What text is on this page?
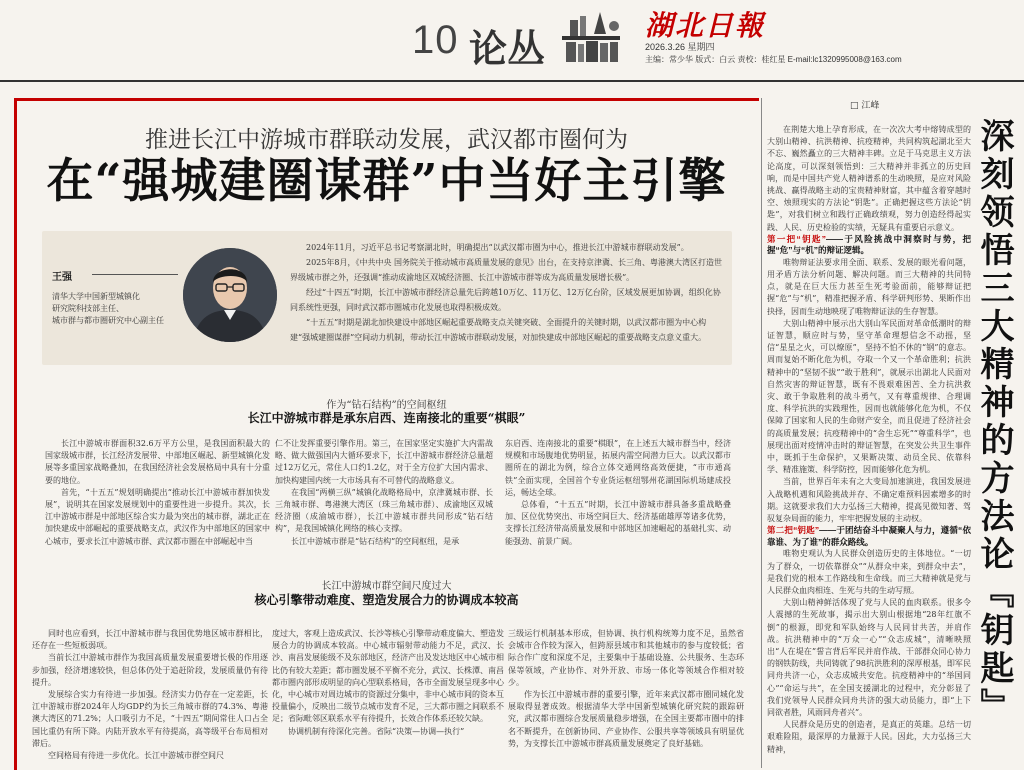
10 论丛
湖北日報
2026.3.26 星期四
主编：常少华 版式：白云 责校：桂红星 E-mail:lc1320995008@163.com
推进长江中游城市群联动发展，武汉都市圈何为
在“强城建圈谋群”中当好主引擎
王强
清华大学中国新型城镇化
研究院科技部主任、
城市群与都市圈研究中心副主任

2024年11月，习近平总书记考察湖北时，明确提出“以武汉都市圈为中心，推进长江中游城市群联动发展”。

2025年8月，《中共中央 国务院关于推动城市高质量发展的意见》出台，在支持京津冀、长三角、粤港澳大湾区打造世界级城市群之外，还强调“推动成渝地区双城经济圈、长江中游城市群等成为高质量发展增长极”。

经过“十四五”时期，长江中游城市群经济总量先后跨越10万亿、11万亿、12万亿台阶，区域发展更加协调，组织化协同系统性更强，同时武汉都市圈城市化发展也取得积极成效。

“十五五”时期是湖北加快建设中部地区崛起重要战略支点关键突破、全面提升的关键时期，以武汉都市圈为中心构建“强城建圈谋群”空间动力机制，带动长江中游城市群联动发展，对加快建成中部地区崛起的重要战略支点意义重大。

作为“钻石结构”的空间枢纽
长江中游城市群是承东启西、连南接北的重要“棋眼”

长江中游城市群面积32.6万平方公里，是我国面积最大的国家级城市群，长江经济发展带、中部地区崛起、新型城镇化发展等多重国家战略叠加，在我国经济社会发展格局中具有十分重要的地位。

首先，“十五五”规划明确提出“推动长江中游城市群加快发展”，说明其在国家发展规划中的重要性进一步提升。其次，长江中游城市群是中部地区综合实力最为突出的城市群，湖北正在加快建成中部崛起的重要战略支点，武汉作为中部地区的国家中心城市，要求长江中游城市群、武汉都市圈在中部崛起中当

仁不让发挥重要引擎作用。第三，在国家坚定实施扩大内需战略、做大做强国内大循环要求下，长江中游城市群经济总量超过12万亿元，常住人口约1.2亿，对于全方位扩大国内需求、加快构建国内统一大市场具有不可替代的战略意义。

在我国“两横三纵”城镇化战略格局中，京津冀城市群、长三角城市群、粤港澳大湾区（珠三角城市群）、成渝地区双城经济圈（成渝城市群），长江中游城市群共同形成“钻石结构”，是我国城镇化网络的核心支撑。

长江中游城市群是“钻石结构”的空间枢纽，是承

东启西、连南接北的重要“棋眼”，在上述五大城市群当中，经济规模和市场腹地优势明显，拓展内需空间潜力巨大。以武汉都市圈所在的湖北为例，综合立体交通网络高效便捷，“市市通高铁”全面实现，全国首个专业货运枢纽鄂州花湖国际机场建成投运，畅达全球。

总体看，“十五五”时期，长江中游城市群具备多重战略叠加、区位优势突出、市场空间巨大、经济基础雄厚等诸多优势，支撑长江经济带高质量发展和中部地区加速崛起的基础扎实、动能强劲、前景广阔。

长江中游城市群空间尺度过大
核心引擎带动难度、塑造发展合力的协调成本较高

同时也应看到，长江中游城市群与我国优势地区城市群相比，还存在一些短板弱项。

当前长江中游城市群作为我国高质量发展重要增长极的作用逐步加强，经济增速较快，但总体仍处于追赶阶段，发展质量仍有待提升。

发展综合实力有待进一步加强。经济实力仍存在一定差距，长江中游城市群2024年人均GDP约为长三角城市群的74.3%、粤港澳大湾区的71.2%；人口吸引力不足，“十四五”期间常住人口占全国比重仍有所下降。内陆开放水平有待提高，高等级平台布局相对滞后。

空间格局有待进一步优化。长江中游城市群空间尺

度过大，客观上造成武汉、长沙等核心引擎带动难度偏大、塑造发展合力的协调成本较高。中心城市辐射带动能力不足，武汉、长沙、南昌发展能级不及东部地区，经济产出及发达地区中心城市相比仍有较大差距；都市圈发展不平衡不充分，武汉、长株潭、南昌都市圈内部形成明显的向心型联系格局，各市全面发展呈现多中心化，中心城市对周边城市的资源过分集中，非中心城市间的资本互投量偏小，反映出二级节点城市发育不足，三大都市圈之间联系不足；省际毗邻区联系水平有待提升，长效合作体系还较欠缺。

协调机制有待深化完善。省际“决策—协调—执行”

三级运行机制基本形成，但协调、执行机构统筹力度不足，虽然省会城市合作较为深入，但跨原县域市和其他城市的参与度较低；省际合作广度和深度不足，主要集中于基础设施、公共服务、生态环保等领域，产业协作、对外开放、市场一体化等领域合作相对较少。

作为长江中游城市群的重要引擎，近年来武汉都市圈同城化发展取得显著成效。根据清华大学中国新型城镇化研究院的跟踪研究，武汉都市圈综合发展质量稳步增强，在全国主要都市圈中的排名不断提升，在创新协同、产业协作、公服共享等领域具有明显优势，为支撑长江中游城市群高质量发展奠定了良好基础。

□ 江峰

在荆楚大地上孕育形成，在一次次大考中熔铸成型的大别山精神、抗洪精神、抗疫精神，共同构筑起湖北至大不忘、巍然矗立的三大精神丰碑。立足于马克思主义方法论高度，可以深刻领悟到：三大精神并非孤立的历史回响，而是中国共产党人精神谱系的生动映照，是应对风险挑战、赢得战略主动的宝贵精神财富，其中蕴含着穿越时空、烛照现实的方法论“钥匙”。正确把握这些方法论“钥匙”，对我们树立和践行正确政绩观，努力创造经得起实践、人民、历史检验的实绩，无疑具有重要启示意义。

第一把“钥匙”——于风险挑战中洞察时与势，把握“危”与“机”的辩证逻辑。

唯物辩证法要求用全面、联系、发展的眼光看问题，用矛盾方法分析问题、解决问题。而三大精神的共同特点，就是在巨大压力甚至生死考验面前，能够辩证把握“危”与“机”，精准把握矛盾、科学研判形势、果断作出抉择，因而生动地映现了唯物辩证法的生存智慧。

大别山精神中展示出大别山军民面对革命低潮时的辩证智慧，顺应时与势，坚守革命理想信念不动摇，坚信“星星之火，可以燎原”，坚持不怕不休的“钢”的意志。周而复始不断化危为机，夺取一个又一个革命胜利；抗洪精神中的“坚韧不拔”“敢于胜利”，就展示出湖北人民面对自然灾害的辩证智慧，既有不畏艰难困苦、全力抗洪救灾、敢于争取胜利的战斗勇气，又有尊重规律、合理调度、科学抗洪的实践理性，因而也就能够化危为机，不仅保障了国家和人民的生命财产安全，而且促进了经济社会的高质量发展；抗疫精神中的“舍生忘死”“尊重科学”，也展现出面对疫情冲击时的辩证智慧，在突发公共卫生事件中，既抓于生命保护，又果断决策、动员全民、依靠科学、精准施策、科学防控，因而能够化危为机。

当前，世界百年未有之大变局加速演进，我国发展进入战略机遇和风险挑战并存、不确定难预料因素增多的时期。这就要求我们大力弘扬三大精神，提高见微知著、驾驭复杂局面的能力，牢牢把握发展的主动权。

第二把“钥匙”——于团结奋斗中凝聚人与力，遵循“依靠谁、为了谁”的群众路线。

唯物史观认为人民群众创造历史的主体地位。“一切为了群众，一切依靠群众”“从群众中来，到群众中去”，是我们党的根本工作路线和生命线。而三大精神就是党与人民群众血肉相连、生死与共的生动写照。

大别山精神鲜活体现了党与人民的血肉联系。很多令人震撼的生死故事，揭示出大别山根据地“28年红旗不倒”的根源，即党和军队始终与人民同甘共苦，并肩作战。抗洪精神中的“万众一心”“众志成城”，清晰映照出“人在堤在”誓言背后军民并肩作战、干部群众同心协力的钢铁防线，共同铸就了98抗洪胜利的深厚根基，即军民同舟共济一心，众志成城共安危。抗疫精神中的“举国同心”“命运与共”，在全国支援湖北的过程中，充分彰显了我们党领导人民群众同舟共济的强大动员能力，即“上下同欲者胜，风雨同舟者兴”。

人民群众是历史的创造者，是真正的英雄。总结一切艰难险阻，最深厚的力量源于人民。因此，大力弘扬三大精神，

深刻领悟三大精神的方法论『钥匙』
